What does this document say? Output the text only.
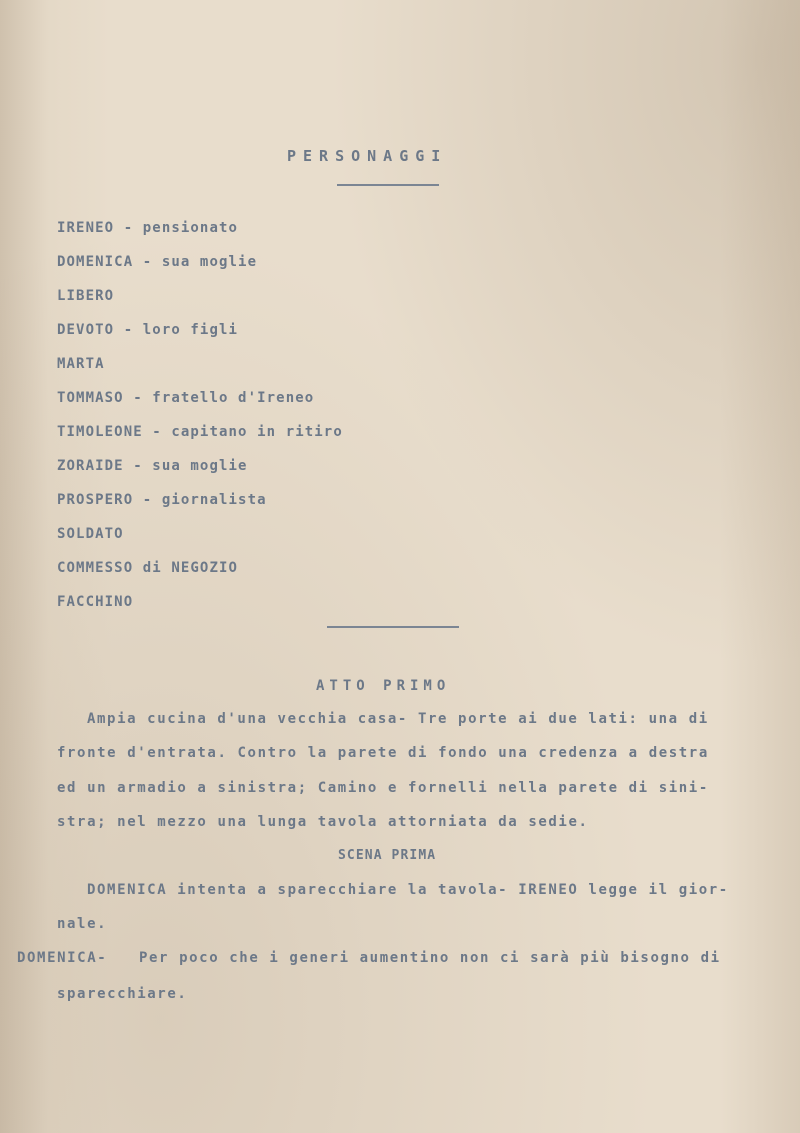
PERSONAGGI
IRENEO - pensionato
DOMENICA - sua moglie
LIBERO
DEVOTO - loro figli
MARTA
TOMMASO - fratello d'Ireneo
TIMOLEONE - capitano in ritiro
ZORAIDE - sua moglie
PROSPERO - giornalista
SOLDATO
COMMESSO di NEGOZIO
FACCHINO
ATTO PRIMO
Ampia cucina d'una vecchia casa- Tre porte ai due lati: una di
fronte d'entrata. Contro la parete di fondo una credenza a destra
ed un armadio a sinistra; Camino e fornelli nella parete di sini-
stra; nel mezzo una lunga tavola attorniata da sedie.
SCENA PRIMA
DOMENICA intenta a sparecchiare la tavola- IRENEO legge il gior-
nale.
DOMENICA- Per poco che i generi aumentino non ci sarà più bisogno di
sparecchiare.
